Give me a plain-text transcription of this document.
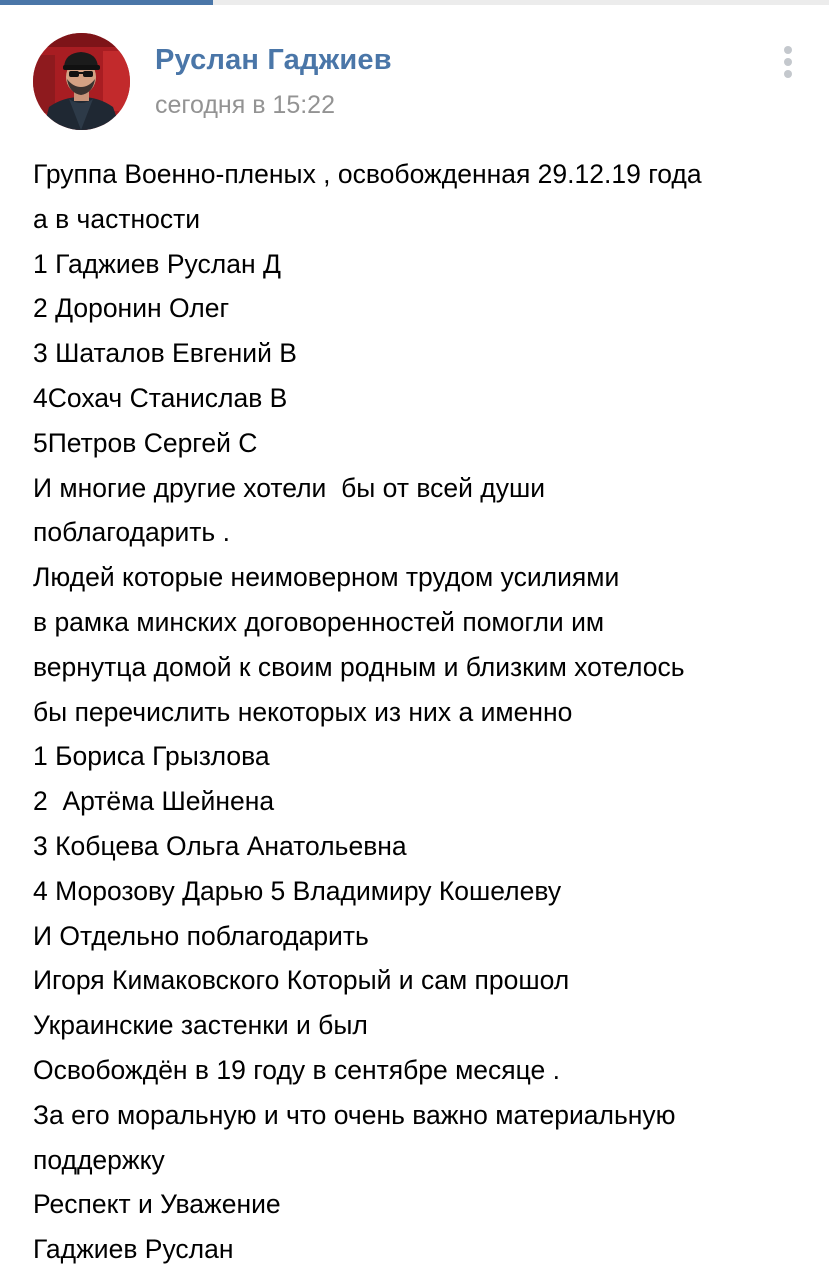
Руслан Гаджиев
сегодня в 15:22
Группа Военно-пленых , освобожденная 29.12.19 года
а в частности
1 Гаджиев Руслан Д
2 Доронин Олег
3 Шаталов Евгений В
4Сохач Станислав В
5Петров Сергей С
И многие другие хотели  бы от всей души
поблагодарить .
Людей которые неимоверном трудом усилиями
в рамка минских договоренностей помогли им
вернутца домой к своим родным и близким хотелось
бы перечислить некоторых из них а именно
1 Бориса Грызлова
2  Артёма Шейнена
3 Кобцева Ольга Анатольевна
4 Морозову Дарью 5 Владимиру Кошелеву
И Отдельно поблагодарить
Игоря Кимаковского Который и сам прошол
Украинские застенки и был
Освобождён в 19 году в сентябре месяце .
За его моральную и что очень важно материальную
поддержку
Респект и Уважение
Гаджиев Руслан
